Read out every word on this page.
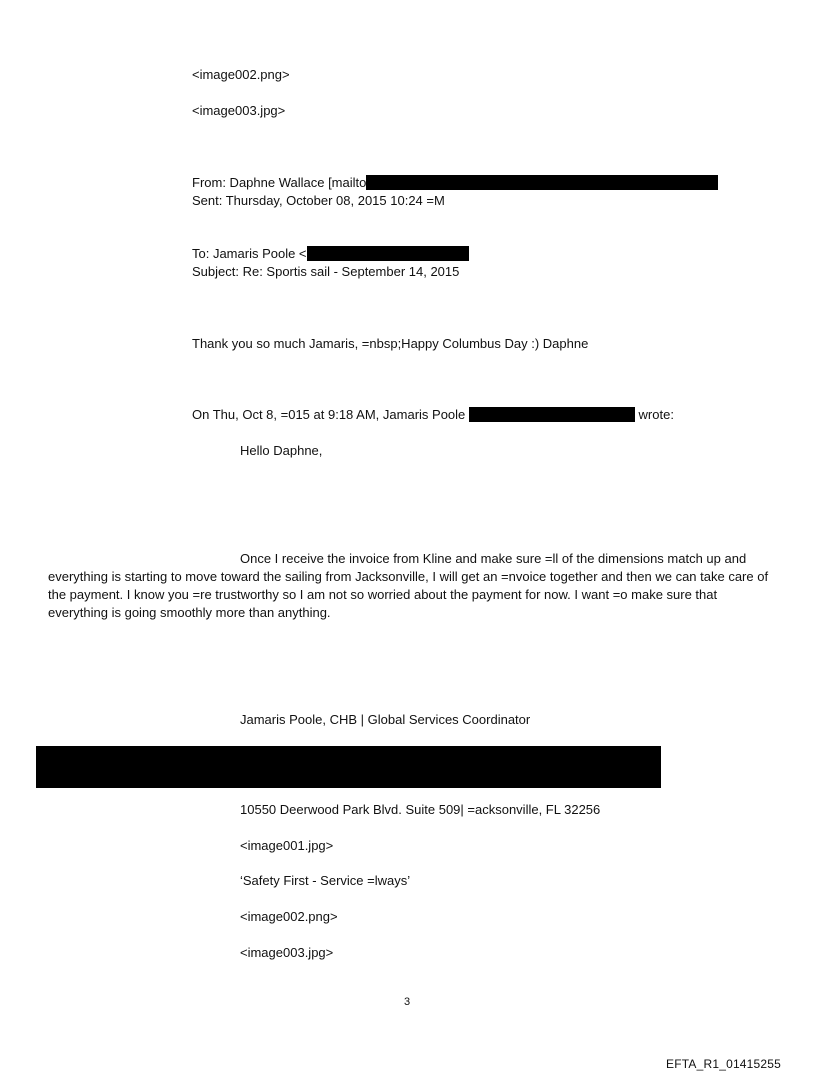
<image002.png>
<image003.jpg>
From: Daphne Wallace [mailto
Sent: Thursday, October 08, 2015 10:24 =M
To: Jamaris Poole <
Subject: Re: Sportis sail - September 14, 2015
Thank you so much Jamaris, =nbsp;Happy Columbus Day :) Daphne
On Thu, Oct 8, =015 at 9:18 AM, Jamaris Poole	wrote:
Hello Daphne,
Once I receive the invoice from Kline and make sure =ll of the dimensions match up and everything is starting to move toward the sailing from Jacksonville, I will get an =nvoice together and then we can take care of the payment. I know you =re trustworthy so I am not so worried about the payment for now. I want =o make sure that everything is going smoothly more than anything.
Jamaris Poole, CHB | Global Services Coordinator
10550 Deerwood Park Blvd. Suite 509| =acksonville, FL 32256
<image001.jpg>
‘Safety First - Service =lways’
<image002.png>
<image003.jpg>
3
EFTA_R1_01415255
